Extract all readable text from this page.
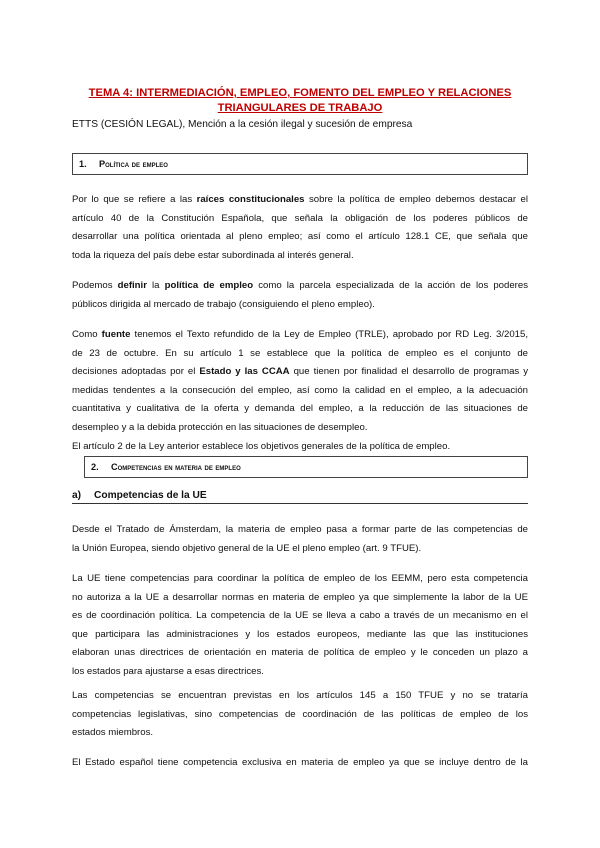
TEMA 4: INTERMEDIACIÓN, EMPLEO, FOMENTO DEL EMPLEO Y RELACIONES
TRIANGULARES DE TRABAJO
ETTS (CESIÓN LEGAL), Mención a la cesión ilegal y sucesión de empresa
1. Política de empleo
Por lo que se refiere a las raíces constitucionales sobre la política de empleo debemos destacar el
artículo 40 de la Constitución Española, que señala la obligación de los poderes públicos de
desarrollar una política orientada al pleno empleo; así como el artículo 128.1 CE, que señala que
toda la riqueza del país debe estar subordinada al interés general.
Podemos definir la política de empleo como la parcela especializada de la acción de los poderes
públicos dirigida al mercado de trabajo (consiguiendo el pleno empleo).
Como fuente tenemos el Texto refundido de la Ley de Empleo (TRLE), aprobado por RD Leg. 3/2015,
de 23 de octubre. En su artículo 1 se establece que la política de empleo es el conjunto de
decisiones adoptadas por el Estado y las CCAA que tienen por finalidad el desarrollo de programas y
medidas tendentes a la consecución del empleo, así como la calidad en el empleo, a la adecuación
cuantitativa y cualitativa de la oferta y demanda del empleo, a la reducción de las situaciones de
desempleo y a la debida protección en las situaciones de desempleo.
El artículo 2 de la Ley anterior establece los objetivos generales de la política de empleo.
2. Competencias en materia de empleo
a) Competencias de la UE
Desde el Tratado de Ámsterdam, la materia de empleo pasa a formar parte de las competencias de
la Unión Europea, siendo objetivo general de la UE el pleno empleo (art. 9 TFUE).
La UE tiene competencias para coordinar la política de empleo de los EEMM, pero esta competencia
no autoriza a la UE a desarrollar normas en materia de empleo ya que simplemente la labor de la UE
es de coordinación política. La competencia de la UE se lleva a cabo a través de un mecanismo en el
que participara las administraciones y los estados europeos, mediante las que las instituciones
elaboran unas directrices de orientación en materia de política de empleo y le conceden un plazo a
los estados para ajustarse a esas directrices.
Las competencias se encuentran previstas en los artículos 145 a 150 TFUE y no se trataría
competencias legislativas, sino competencias de coordinación de las políticas de empleo de los
estados miembros.
El Estado español tiene competencia exclusiva en materia de empleo ya que se incluye dentro de la
